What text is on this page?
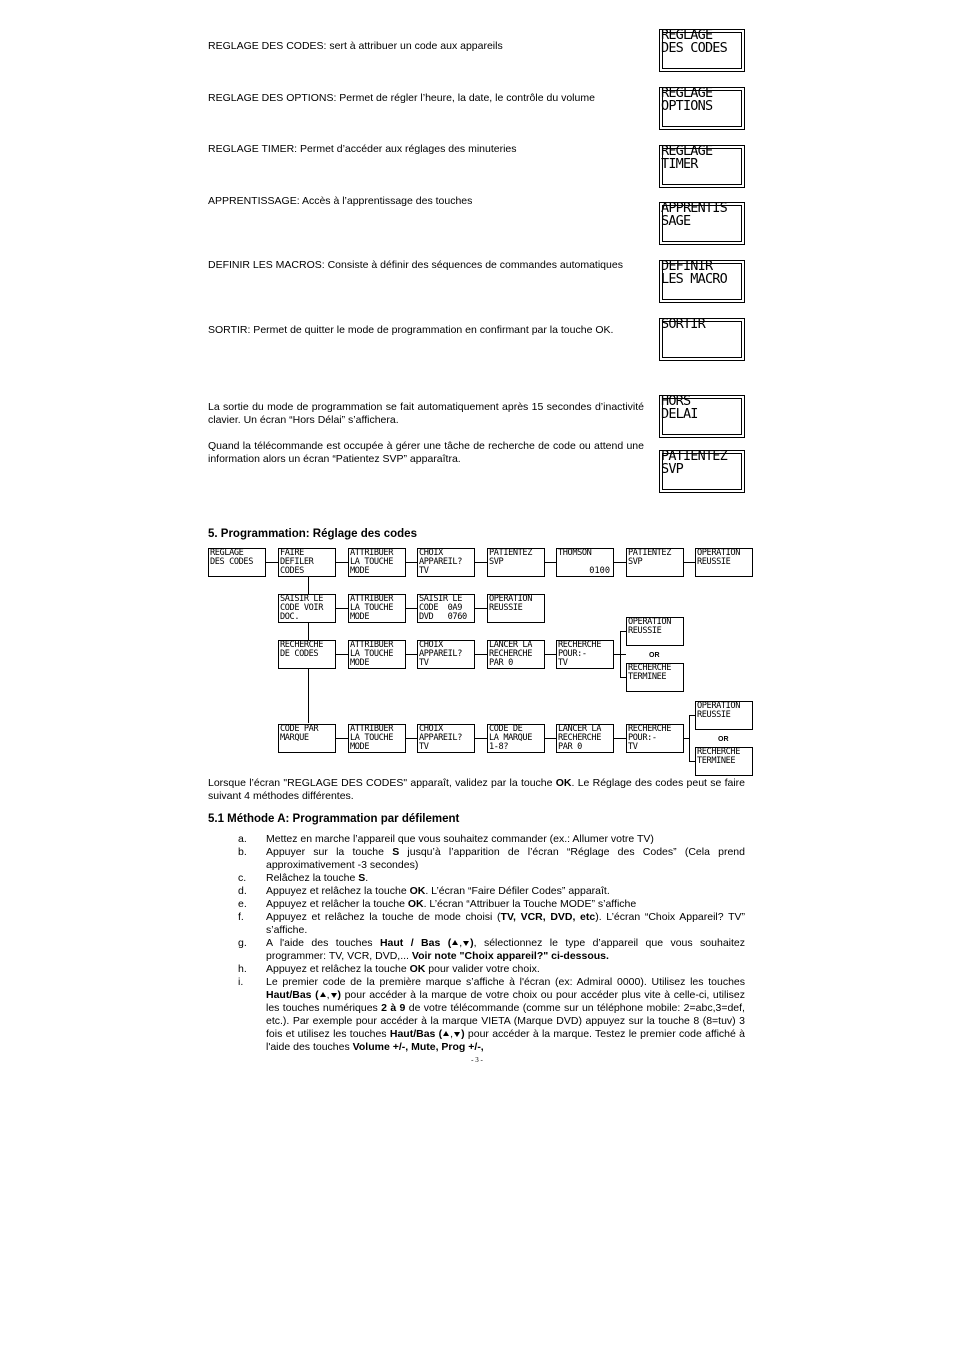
REGLAGE DES CODES: sert à attribuer un code aux appareils
REGLAGE
DES CODES
REGLAGE DES OPTIONS: Permet de régler l’heure, la date, le contrôle du volume	REGLAGE
OPTIONS
REGLAGE TIMER: Permet d’accéder aux réglages des minuteries	REGLAGE
TIMER
APPRENTISSAGE: Accès à l’apprentissage des touches	APPRENTIS
SAGE
DEFINIR LES MACROS: Consiste à définir des séquences de commandes automatiques	DEFINIR
LES MACRO
SORTIR: Permet de quitter le mode de programmation en confirmant par la touche OK.	SORTIR
La sortie du mode de programmation se fait automatiquement après 15 secondes d’inactivité clavier. Un écran “Hors Délai” s’affichera.
HORS
DELAI
Quand la télécommande est occupée à gérer une tâche de recherche de code ou attend une information alors un écran “Patientez SVP” apparaîtra.	PATIENTEZ
SVP
5. Programmation: Réglage des codes
REGLAGE
DES CODES
FAIRE
DEFILER
CODES
ATTRIBUER
LA TOUCHE
MODE
CHOIX
APPAREIL?
TV
PATIENTEZ
SVP
THOMSON
0100
PATIENTEZ
SVP
OPERATION
REUSSIE
SAISIR LE
CODE VOIR
DOC.
ATTRIBUER
LA TOUCHE
MODE
SAISIR LE
CODE  0A9
DVD   0760
OPERATION
REUSSIE
RECHERCHE
DE CODES
ATTRIBUER
LA TOUCHE
MODE
CHOIX
APPAREIL?
TV
LANCER LA
RECHERCHE
PAR 0
RECHERCHE
POUR:-
TV
OPERATION
REUSSIE
OR
RECHERCHE
TERMINEE
CODE PAR
MARQUE
ATTRIBUER
LA TOUCHE
MODE
CHOIX
APPAREIL?
TV
CODE DE
LA MARQUE
1-8?
LANCER LA
RECHERCHE
PAR 0
RECHERCHE
POUR:-
TV
OPERATION
REUSSIE
OR
RECHERCHE
TERMINEE
Lorsque l’écran "REGLAGE DES CODES" apparaît, validez par la touche OK. Le Réglage des codes peut se faire suivant 4 méthodes différentes.
5.1 Méthode A: Programmation par défilement
a. Mettez en marche l’appareil que vous souhaitez commander (ex.: Allumer votre TV)
b. Appuyer sur la touche S jusqu’à l’apparition de l’écran “Réglage des Codes” (Cela prend approximativement -3 secondes)
c. Relâchez la touche S.
d. Appuyez et relâchez la touche OK. L’écran “Faire Défiler Codes” apparaît.
e. Appuyez et relâcher la touche OK. L’écran “Attribuer la Touche MODE” s’affiche
f. Appuyez et relâchez la touche de mode choisi (TV, VCR, DVD, etc). L’écran “Choix Appareil? TV” s’affiche.
g. A l'aide des touches Haut / Bas ( , ), sélectionnez le type d’appareil que vous souhaitez programmer: TV, VCR, DVD,... Voir note "Choix appareil?" ci-dessous.
h. Appuyez et relâchez la touche OK pour valider votre choix.
i. Le premier code de la première marque s’affiche à l'écran (ex: Admiral 0000). Utilisez les touches Haut/Bas ( , ) pour accéder à la marque de votre choix ou pour accéder plus vite à celle-ci, utilisez les touches numériques 2 à 9 de votre télécommande (comme sur un téléphone mobile: 2=abc,3=def, etc.). Par exemple pour accéder à la marque VIETA (Marque DVD) appuyez sur la touche 8 (8=tuv) 3 fois et utilisez les touches Haut/Bas ( , ) pour accéder à la marque. Testez le premier code affiché à l'aide des touches Volume +/-, Mute, Prog +/-,
- 3 -
